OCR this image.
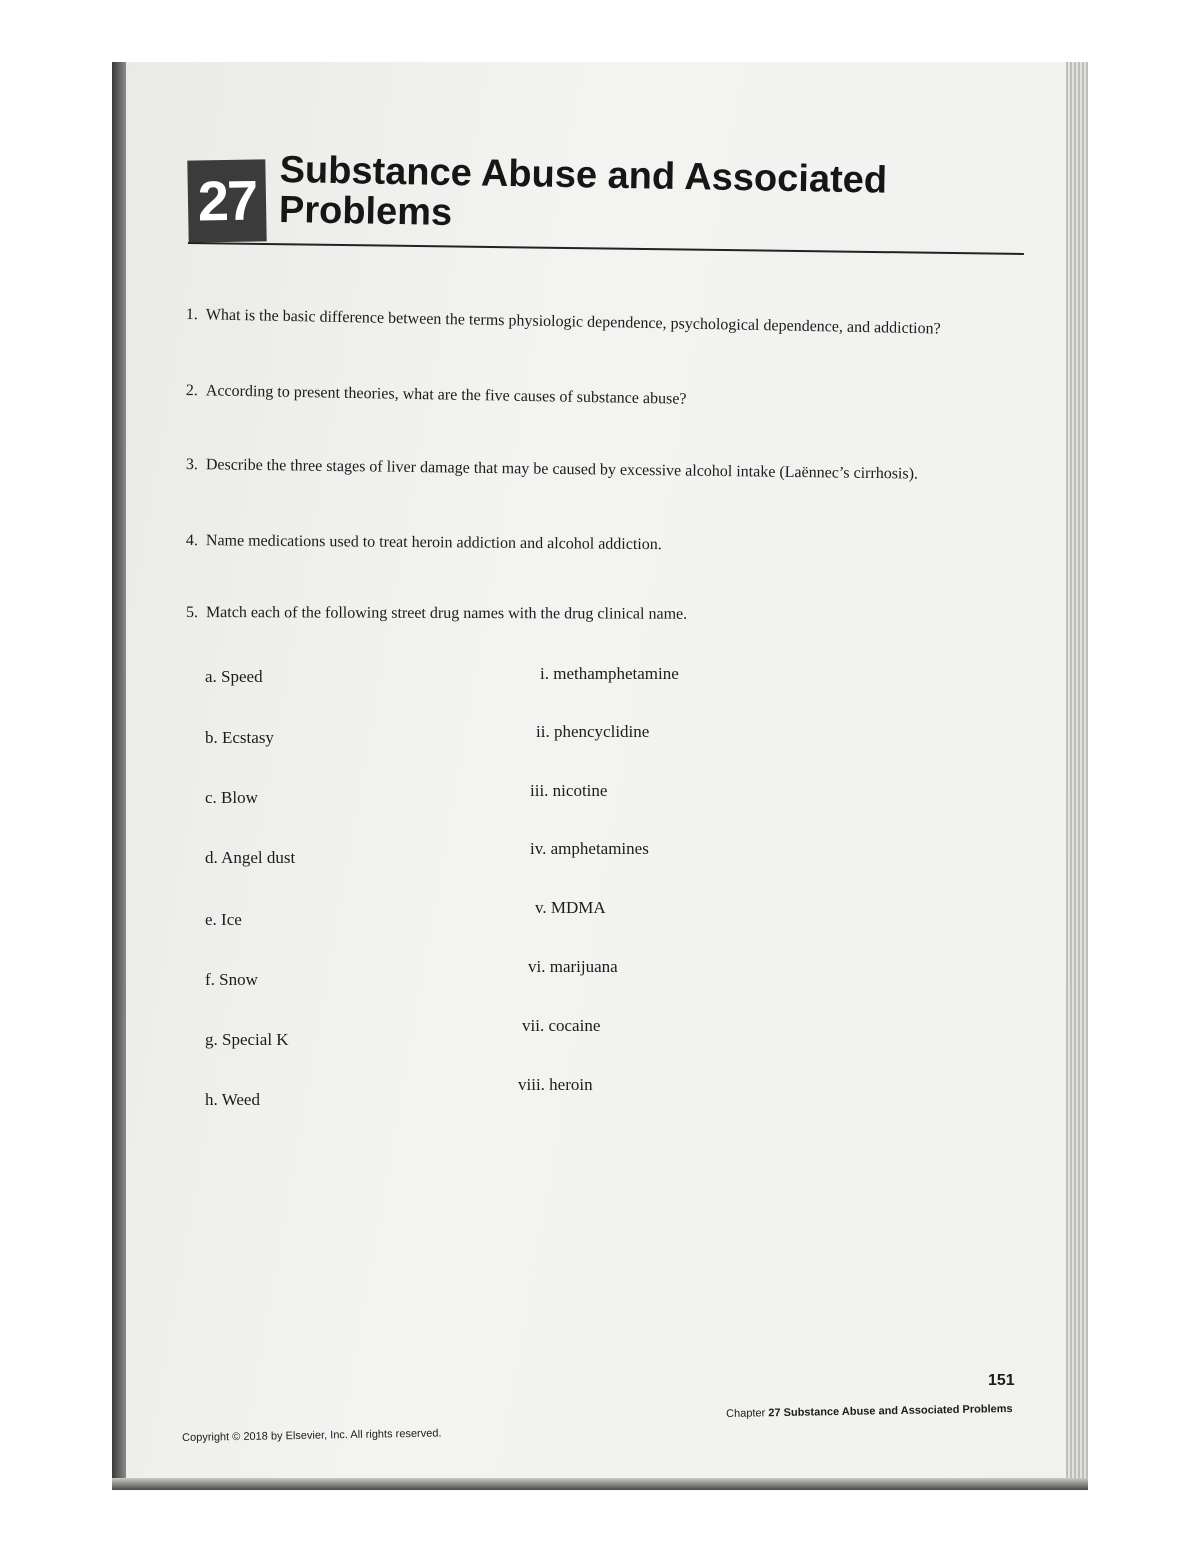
27 Substance Abuse and Associated
Problems
1. What is the basic difference between the terms physiologic dependence, psychological dependence, and addiction?
2. According to present theories, what are the five causes of substance abuse?
3. Describe the three stages of liver damage that may be caused by excessive alcohol intake (Laënnec’s cirrhosis).
4. Name medications used to treat heroin addiction and alcohol addiction.
5. Match each of the following street drug names with the drug clinical name.
a. Speed
b. Ecstasy
c. Blow
d. Angel dust
e. Ice
f. Snow
g. Special K
h. Weed
i. methamphetamine
ii. phencyclidine
iii. nicotine
iv. amphetamines
v. MDMA
vi. marijuana
vii. cocaine
viii. heroin
151
Chapter 27 Substance Abuse and Associated Problems
Copyright © 2018 by Elsevier, Inc. All rights reserved.
